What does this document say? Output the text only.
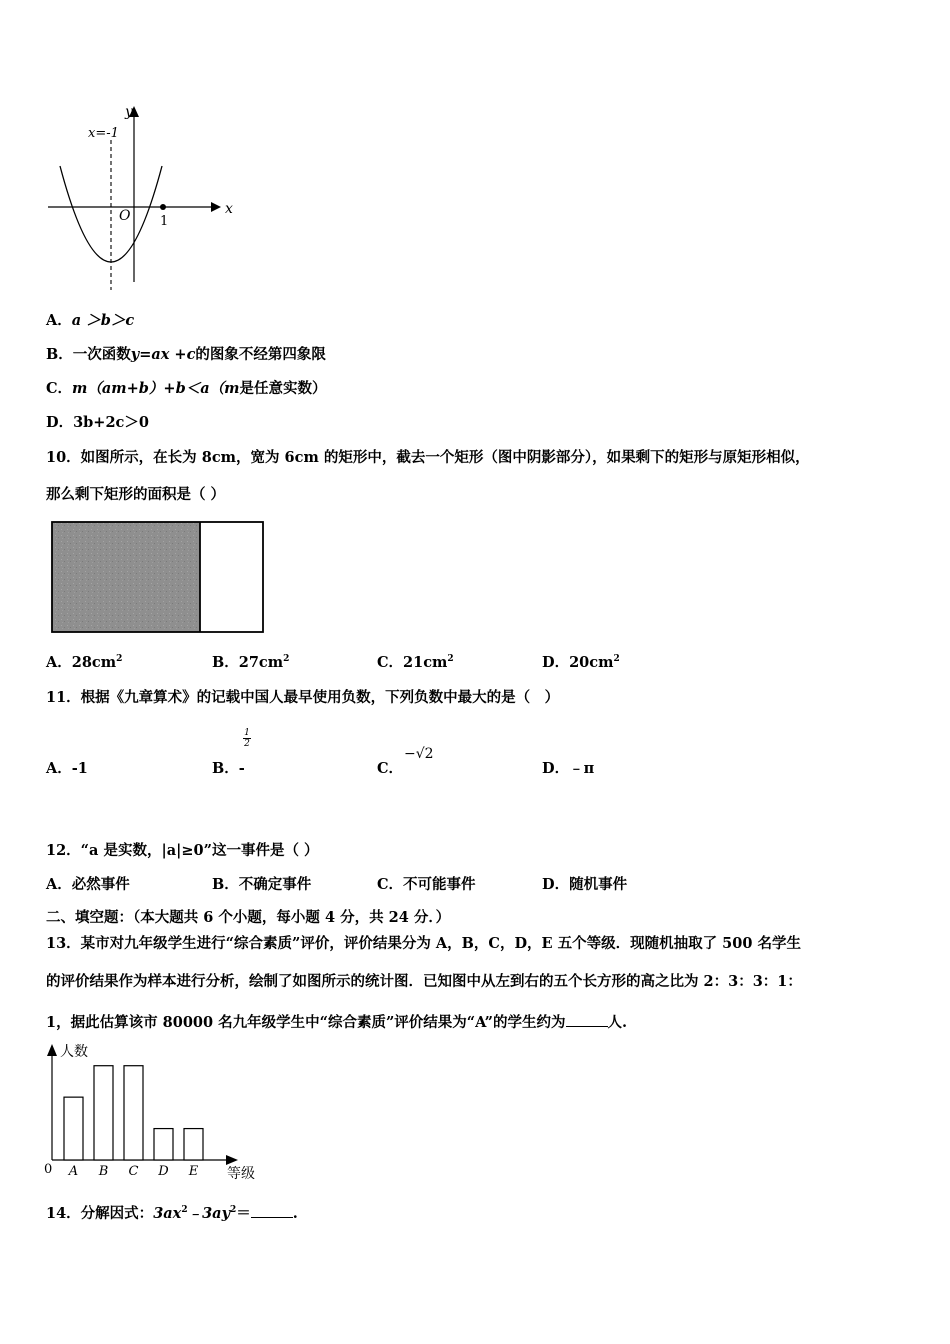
y
x
x=-1
O 1
A．a ＞b＞c
B．一次函数y=ax +c的图象不经第四象限
C．m（am+b）+b＜a（m是任意实数）
D．3b+2c＞0
10．如图所示，在长为 8cm，宽为 6cm 的矩形中，截去一个矩形（图中阴影部分），如果剩下的矩形与原矩形相似，
那么剩下矩形的面积是（ ）
A．$28cm^2$	B．$27cm^2$	C．$21cm^2$	D．$20cm^2$
11．根据《九章算术》的记载中国人最早使用负数，下列负数中最大的是（　）
A．-1	B．-
1
2
C．
−√2
D．﹣π
12．“a 是实数，|a|≥0”这一事件是（ ）
A．必然事件	B．不确定事件	C．不可能事件	D．随机事件
二、填空题：（本大题共 6 个小题，每小题 4 分，共 24 分．）
13．某市对九年级学生进行“综合素质”评价，评价结果分为 A，B，C，D，E 五个等级．现随机抽取了 500 名学生
的评价结果作为样本进行分析，绘制了如图所示的统计图．已知图中从左到右的五个长方形的高之比为 2：3：3：1：
1，据此估算该市 80000 名九年级学生中“综合素质”评价结果为“A”的学生约为	人.
人数
等级
0 A B C D E
14．分解因式：$3ax^2﹣3ay^2=$	.
